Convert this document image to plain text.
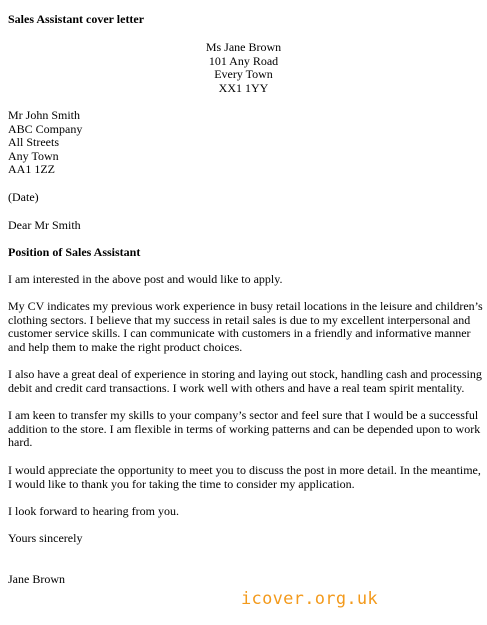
Sales Assistant cover letter
Ms Jane Brown
101 Any Road
Every Town
XX1 1YY
Mr John Smith
ABC Company
All Streets
Any Town
AA1 1ZZ
(Date)
Dear Mr Smith
Position of Sales Assistant
I am interested in the above post and would like to apply.
My CV indicates my previous work experience in busy retail locations in the leisure and children’s
clothing sectors. I believe that my success in retail sales is due to my excellent interpersonal and
customer service skills. I can communicate with customers in a friendly and informative manner
and help them to make the right product choices.
I also have a great deal of experience in storing and laying out stock, handling cash and processing
debit and credit card transactions. I work well with others and have a real team spirit mentality.
I am keen to transfer my skills to your company’s sector and feel sure that I would be a successful
addition to the store. I am flexible in terms of working patterns and can be depended upon to work
hard.
I would appreciate the opportunity to meet you to discuss the post in more detail. In the meantime,
I would like to thank you for taking the time to consider my application.
I look forward to hearing from you.
Yours sincerely
Jane Brown
icover.org.uk
